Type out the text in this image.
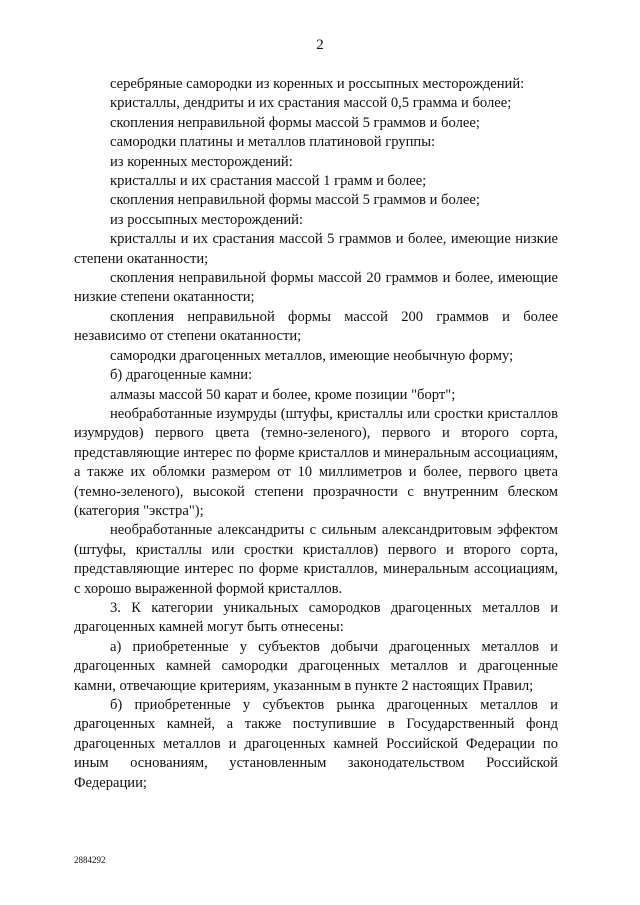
2

серебряные самородки из коренных и россыпных месторождений:

кристаллы, дендриты и их срастания массой 0,5 грамма и более;

скопления неправильной формы массой 5 граммов и более;

самородки платины и металлов платиновой группы:

из коренных месторождений:

кристаллы и их срастания массой 1 грамм и более;

скопления неправильной формы массой 5 граммов и более;

из россыпных месторождений:

кристаллы и их срастания массой 5 граммов и более, имеющие низкие степени окатанности;

скопления неправильной формы массой 20 граммов и более, имеющие низкие степени окатанности;

скопления неправильной формы массой 200 граммов и более независимо от степени окатанности;

самородки драгоценных металлов, имеющие необычную форму;

б) драгоценные камни:

алмазы массой 50 карат и более, кроме позиции "борт";

необработанные изумруды (штуфы, кристаллы или сростки кристаллов изумрудов) первого цвета (темно-зеленого), первого и второго сорта, представляющие интерес по форме кристаллов и минеральным ассоциациям, а также их обломки размером от 10 миллиметров и более, первого цвета (темно-зеленого), высокой степени прозрачности с внутренним блеском (категория "экстра");

необработанные александриты с сильным александритовым эффектом (штуфы, кристаллы или сростки кристаллов) первого и второго сорта, представляющие интерес по форме кристаллов, минеральным ассоциациям, с хорошо выраженной формой кристаллов.

3. К категории уникальных самородков драгоценных металлов и драгоценных камней могут быть отнесены:

а) приобретенные у субъектов добычи драгоценных металлов и драгоценных камней самородки драгоценных металлов и драгоценные камни, отвечающие критериям, указанным в пункте 2 настоящих Правил;

б) приобретенные у субъектов рынка драгоценных металлов и драгоценных камней, а также поступившие в Государственный фонд драгоценных металлов и драгоценных камней Российской Федерации по иным основаниям, установленным законодательством Российской Федерации;

2884292
